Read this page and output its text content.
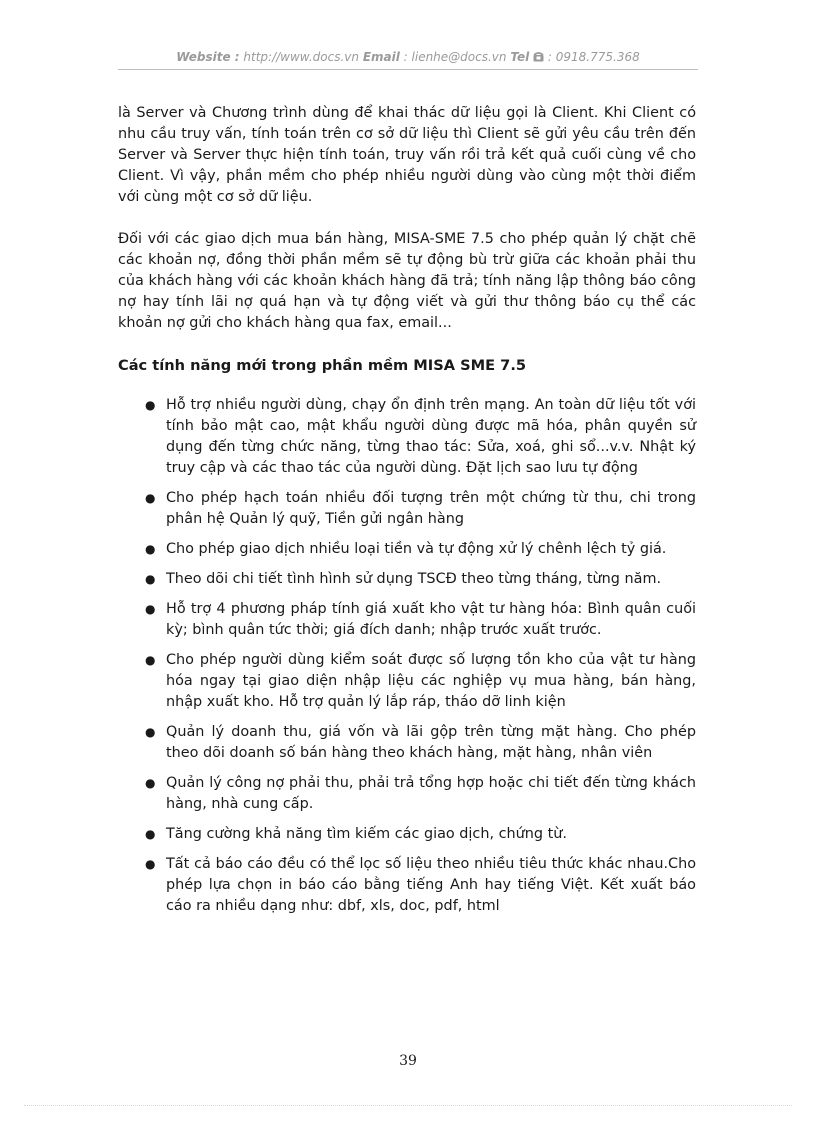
Website : http://www.docs.vn Email : lienhe@docs.vn Tel : 0918.775.368

là Server và Chương trình dùng để khai thác dữ liệu gọi là Client. Khi Client có nhu cầu truy vấn, tính toán trên cơ sở dữ liệu thì Client sẽ gửi yêu cầu trên đến Server và Server thực hiện tính toán, truy vấn rồi trả kết quả cuối cùng về cho Client. Vì vậy, phần mềm cho phép nhiều người dùng vào cùng một thời điểm với cùng một cơ sở dữ liệu.

Đối với các giao dịch mua bán hàng, MISA-SME 7.5 cho phép quản lý chặt chẽ các khoản nợ, đồng thời phần mềm sẽ tự động bù trừ giữa các khoản phải thu của khách hàng với các khoản khách hàng đã trả; tính năng lập thông báo công nợ hay tính lãi nợ quá hạn và tự động viết và gửi thư thông báo cụ thể các khoản nợ gửi cho khách hàng qua fax, email...

Các tính năng mới trong phần mềm MISA SME 7.5

● Hỗ trợ nhiều người dùng, chạy ổn định trên mạng. An toàn dữ liệu tốt với tính bảo mật cao, mật khẩu người dùng được mã hóa, phân quyền sử dụng đến từng chức năng, từng thao tác: Sửa, xoá, ghi sổ...v.v. Nhật ký truy cập và các thao tác của người dùng. Đặt lịch sao lưu tự động
● Cho phép hạch toán nhiều đối tượng trên một chứng từ thu, chi trong phân hệ Quản lý quỹ, Tiền gửi ngân hàng
● Cho phép giao dịch nhiều loại tiền và tự động xử lý chênh lệch tỷ giá.
● Theo dõi chi tiết tình hình sử dụng TSCĐ theo từng tháng, từng năm.
● Hỗ trợ 4 phương pháp tính giá xuất kho vật tư hàng hóa: Bình quân cuối kỳ; bình quân tức thời; giá đích danh; nhập trước xuất trước.
● Cho phép người dùng kiểm soát được số lượng tồn kho của vật tư hàng hóa ngay tại giao diện nhập liệu các nghiệp vụ mua hàng, bán hàng, nhập xuất kho. Hỗ trợ quản lý lắp ráp, tháo dỡ linh kiện
● Quản lý doanh thu, giá vốn và lãi gộp trên từng mặt hàng. Cho phép theo dõi doanh số bán hàng theo khách hàng, mặt hàng, nhân viên
● Quản lý công nợ phải thu, phải trả tổng hợp hoặc chi tiết đến từng khách hàng, nhà cung cấp.
● Tăng cường khả năng tìm kiếm các giao dịch, chứng từ.
● Tất cả báo cáo đều có thể lọc số liệu theo nhiều tiêu thức khác nhau.Cho phép lựa chọn in báo cáo bằng tiếng Anh hay tiếng Việt. Kết xuất báo cáo ra nhiều dạng như: dbf, xls, doc, pdf, html
39
